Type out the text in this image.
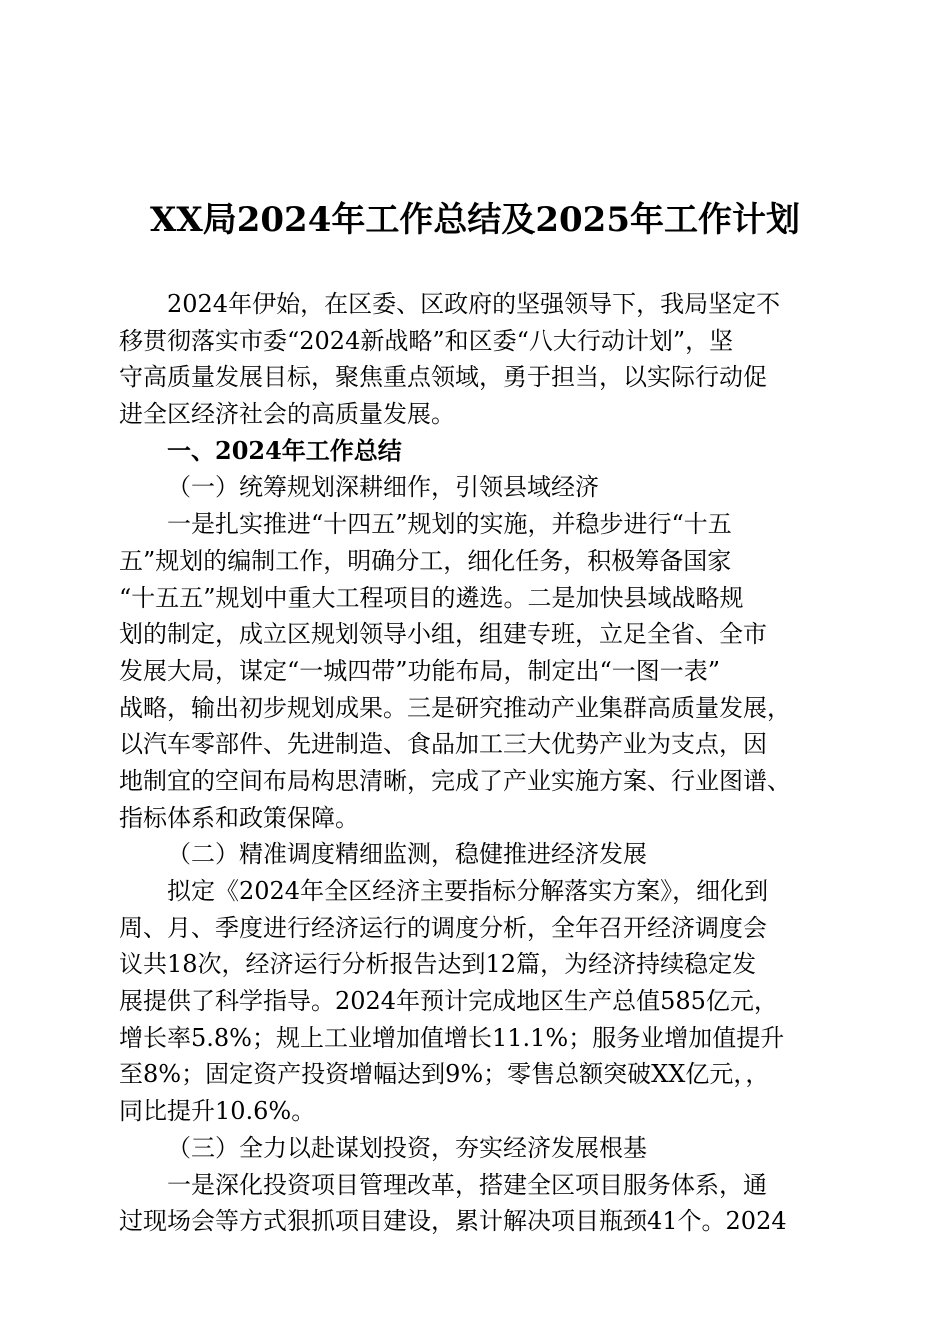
XX局2024年工作总结及2025年工作计划
2024年伊始，在区委、区政府的坚强领导下，我局坚定不
移贯彻落实市委“2024新战略”和区委“八大行动计划”，坚
守高质量发展目标，聚焦重点领域，勇于担当，以实际行动促
进全区经济社会的高质量发展。
一、2024年工作总结
（一）统筹规划深耕细作，引领县域经济
一是扎实推进“十四五”规划的实施，并稳步进行“十五
五”规划的编制工作，明确分工，细化任务，积极筹备国家
“十五五”规划中重大工程项目的遴选。二是加快县域战略规
划的制定，成立区规划领导小组，组建专班，立足全省、全市
发展大局，谋定“一城四带”功能布局，制定出“一图一表”
战略，输出初步规划成果。三是研究推动产业集群高质量发展，
以汽车零部件、先进制造、食品加工三大优势产业为支点，因
地制宜的空间布局构思清晰，完成了产业实施方案、行业图谱、
指标体系和政策保障。
（二）精准调度精细监测，稳健推进经济发展
拟定《2024年全区经济主要指标分解落实方案》，细化到
周、月、季度进行经济运行的调度分析，全年召开经济调度会
议共18次，经济运行分析报告达到12篇，为经济持续稳定发
展提供了科学指导。2024年预计完成地区生产总值585亿元，
增长率5.8%；规上工业增加值增长11.1%；服务业增加值提升
至8%；固定资产投资增幅达到9%；零售总额突破XX亿元，，
同比提升10.6%。
（三）全力以赴谋划投资，夯实经济发展根基
一是深化投资项目管理改革，搭建全区项目服务体系，通
过现场会等方式狠抓项目建设，累计解决项目瓶颈41个。2024
